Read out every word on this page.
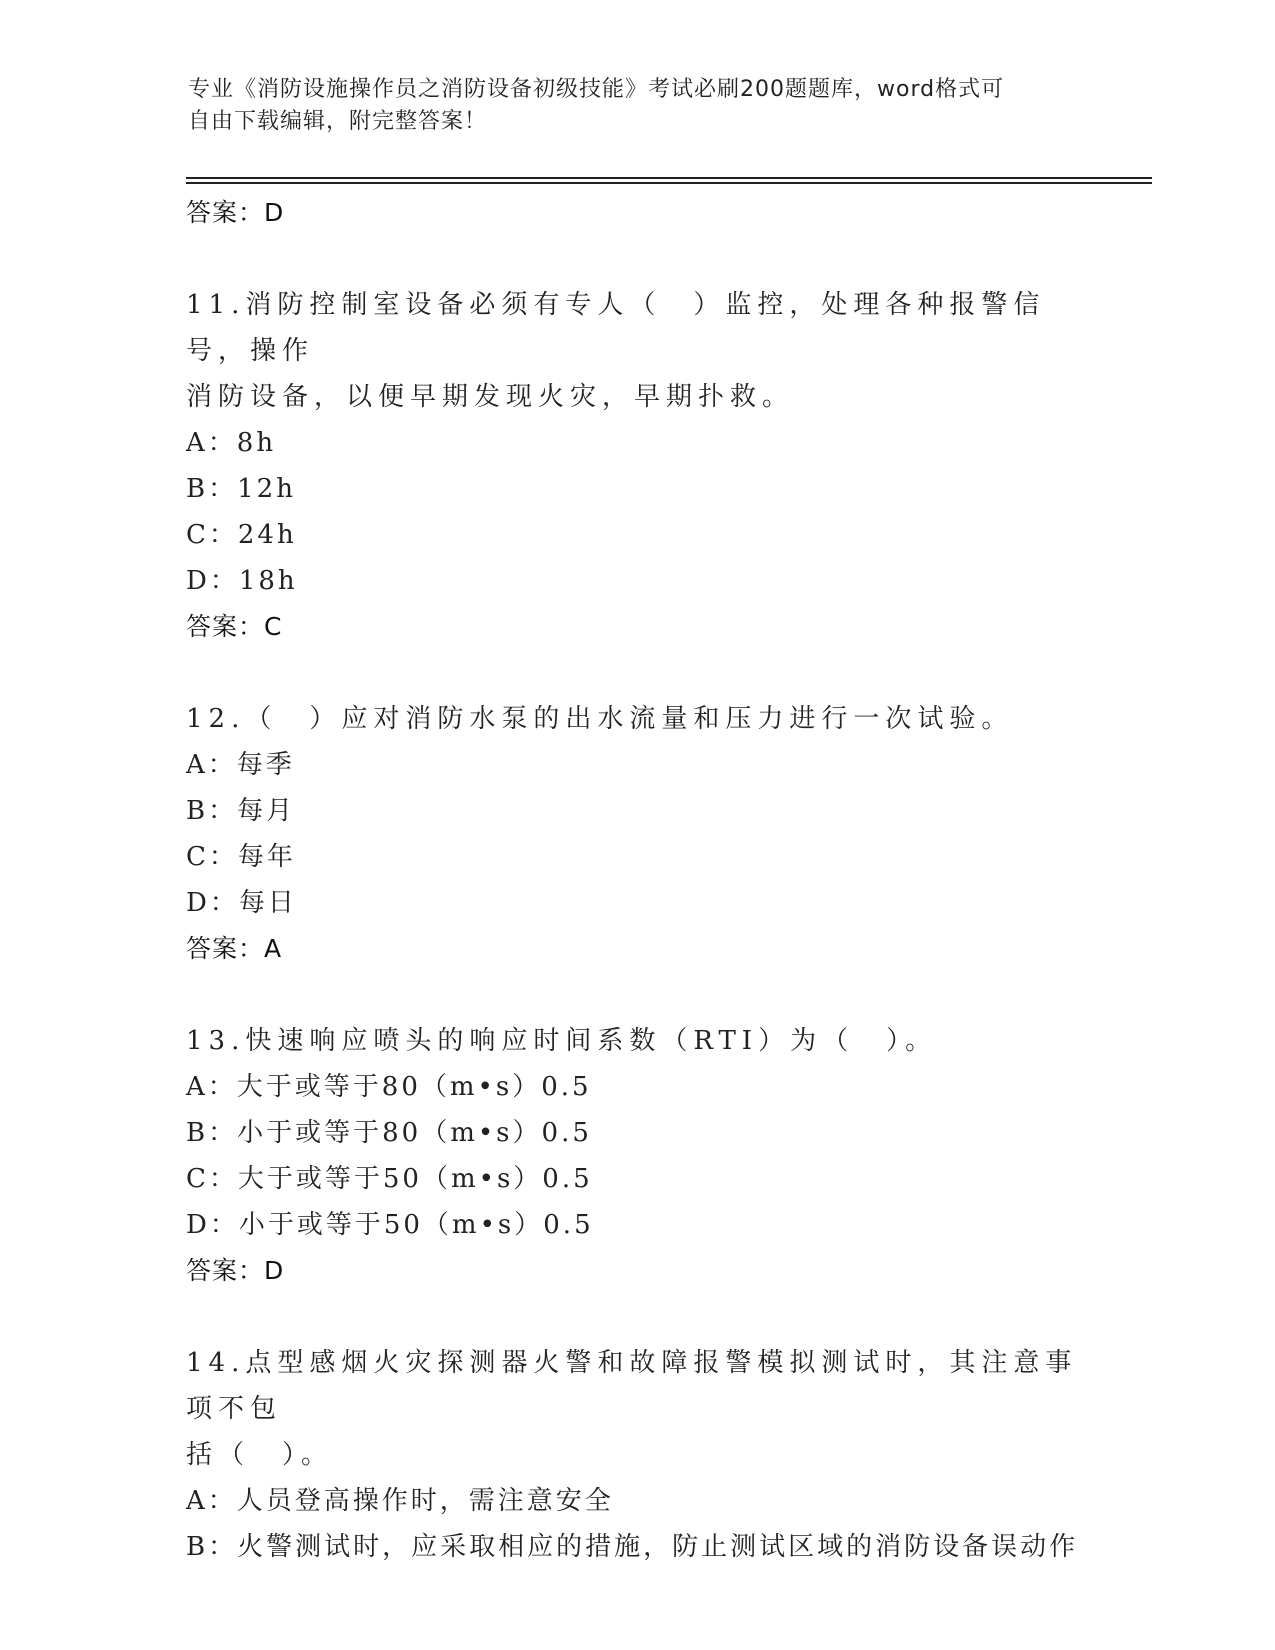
专业《消防设施操作员之消防设备初级技能》考试必刷200题题库，word格式可
自由下载编辑，附完整答案！
答案：D
11.消防控制室设备必须有专人（　）监控，处理各种报警信号，操作
消防设备，以便早期发现火灾，早期扑救。
A：8h
B：12h
C：24h
D：18h
答案：C
12.（　）应对消防水泵的出水流量和压力进行一次试验。
A：每季
B：每月
C：每年
D：每日
答案：A
13.快速响应喷头的响应时间系数（RTI）为（　）。
A：大于或等于80（m•s）0.5
B：小于或等于80（m•s）0.5
C：大于或等于50（m•s）0.5
D：小于或等于50（m•s）0.5
答案：D
14.点型感烟火灾探测器火警和故障报警模拟测试时，其注意事项不包
括（　）。
A：人员登高操作时，需注意安全
B：火警测试时，应采取相应的措施，防止测试区域的消防设备误动作
